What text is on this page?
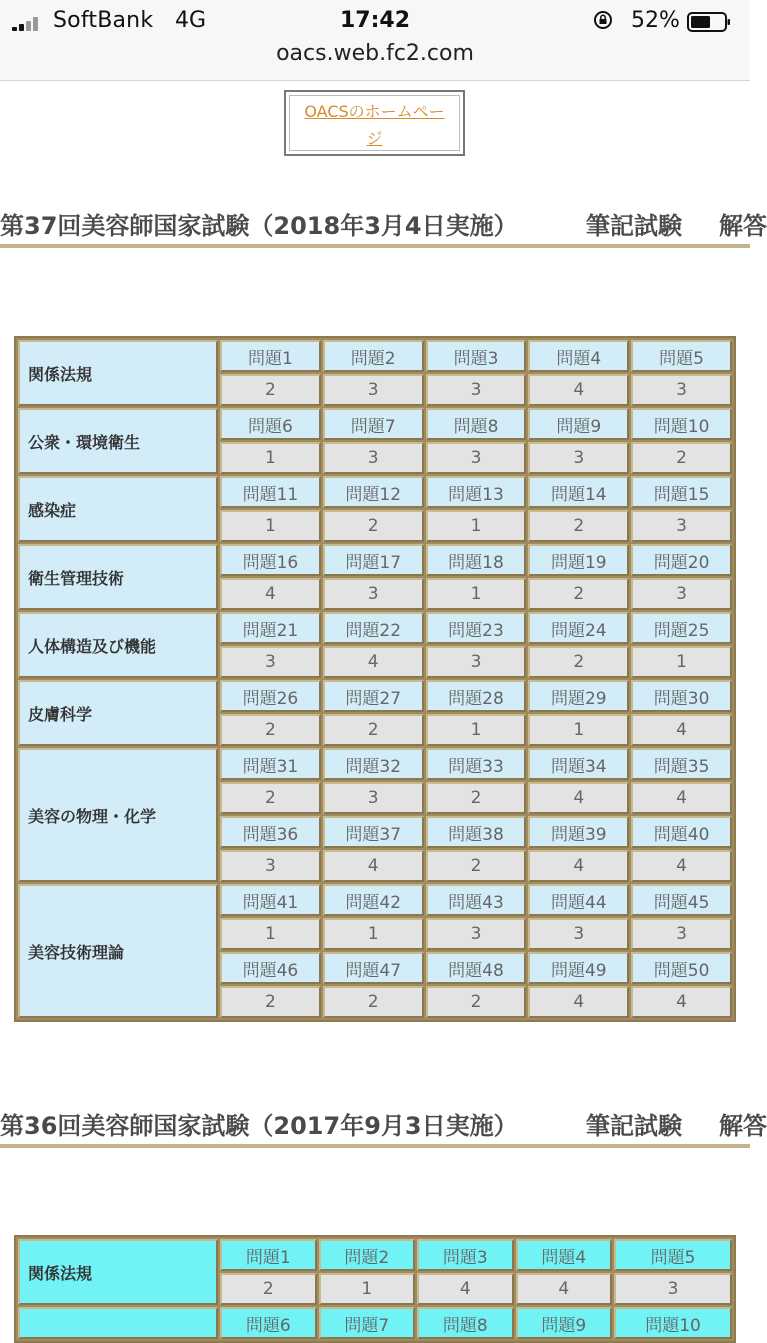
SoftBank 4G	17:42	52%
oacs.web.fc2.com
OACSのホームペー
ジ
第37回美容師国家試験（2018年3月4日実施）	筆記試験 解答
関係法規	問題1	問題2	問題3	問題4	問題5
	2	3	3	4	3
公衆・環境衛生	問題6	問題7	問題8	問題9	問題10
	1	3	3	3	2
感染症	問題11	問題12	問題13	問題14	問題15
	1	2	1	2	3
衛生管理技術	問題16	問題17	問題18	問題19	問題20
	4	3	1	2	3
人体構造及び機能	問題21	問題22	問題23	問題24	問題25
	3	4	3	2	1
皮膚科学	問題26	問題27	問題28	問題29	問題30
	2	2	1	1	4
美容の物理・化学	問題31	問題32	問題33	問題34	問題35
	2	3	2	4	4
	問題36	問題37	問題38	問題39	問題40
	3	4	2	4	4
美容技術理論	問題41	問題42	問題43	問題44	問題45
	1	1	3	3	3
	問題46	問題47	問題48	問題49	問題50
	2	2	2	4	4
第36回美容師国家試験（2017年9月3日実施）	筆記試験 解答
関係法規	問題1	問題2	問題3	問題4	問題5
	2	1	4	4	3
	問題6	問題7	問題8	問題9	問題10
